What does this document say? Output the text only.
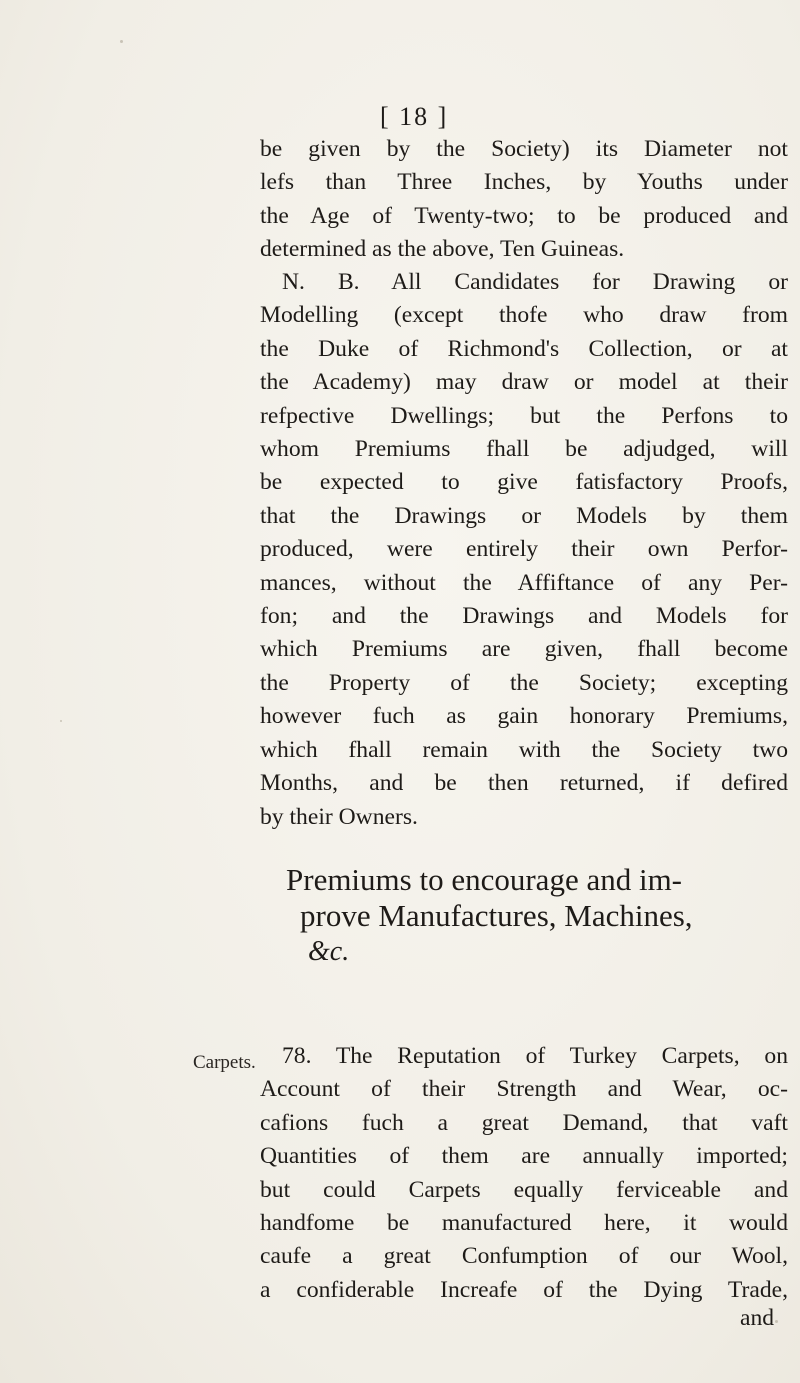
[ 18 ]
be given by the Society) its Diameter not
lefs than Three Inches, by Youths under
the Age of Twenty-two; to be produced and
determined as the above, Ten Guineas.
N. B. All Candidates for Drawing or
Modelling (except thofe who draw from
the Duke of Richmond's Collection, or at
the Academy) may draw or model at their
refpective Dwellings; but the Perfons to
whom Premiums fhall be adjudged, will
be expected to give fatisfactory Proofs,
that the Drawings or Models by them
produced, were entirely their own Perfor-
mances, without the Affiftance of any Per-
fon; and the Drawings and Models for
which Premiums are given, fhall become
the Property of the Society; excepting
however fuch as gain honorary Premiums,
which fhall remain with the Society two
Months, and be then returned, if defired
by their Owners.
Premiums to encourage and im-
prove Manufactures, Machines,
&c.
Carpets.	78. The Reputation of Turkey Carpets, on
Account of their Strength and Wear, oc-
cafions fuch a great Demand, that vaft
Quantities of them are annually imported;
but could Carpets equally ferviceable and
handfome be manufactured here, it would
caufe a great Confumption of our Wool,
a confiderable Increafe of the Dying Trade,
and
